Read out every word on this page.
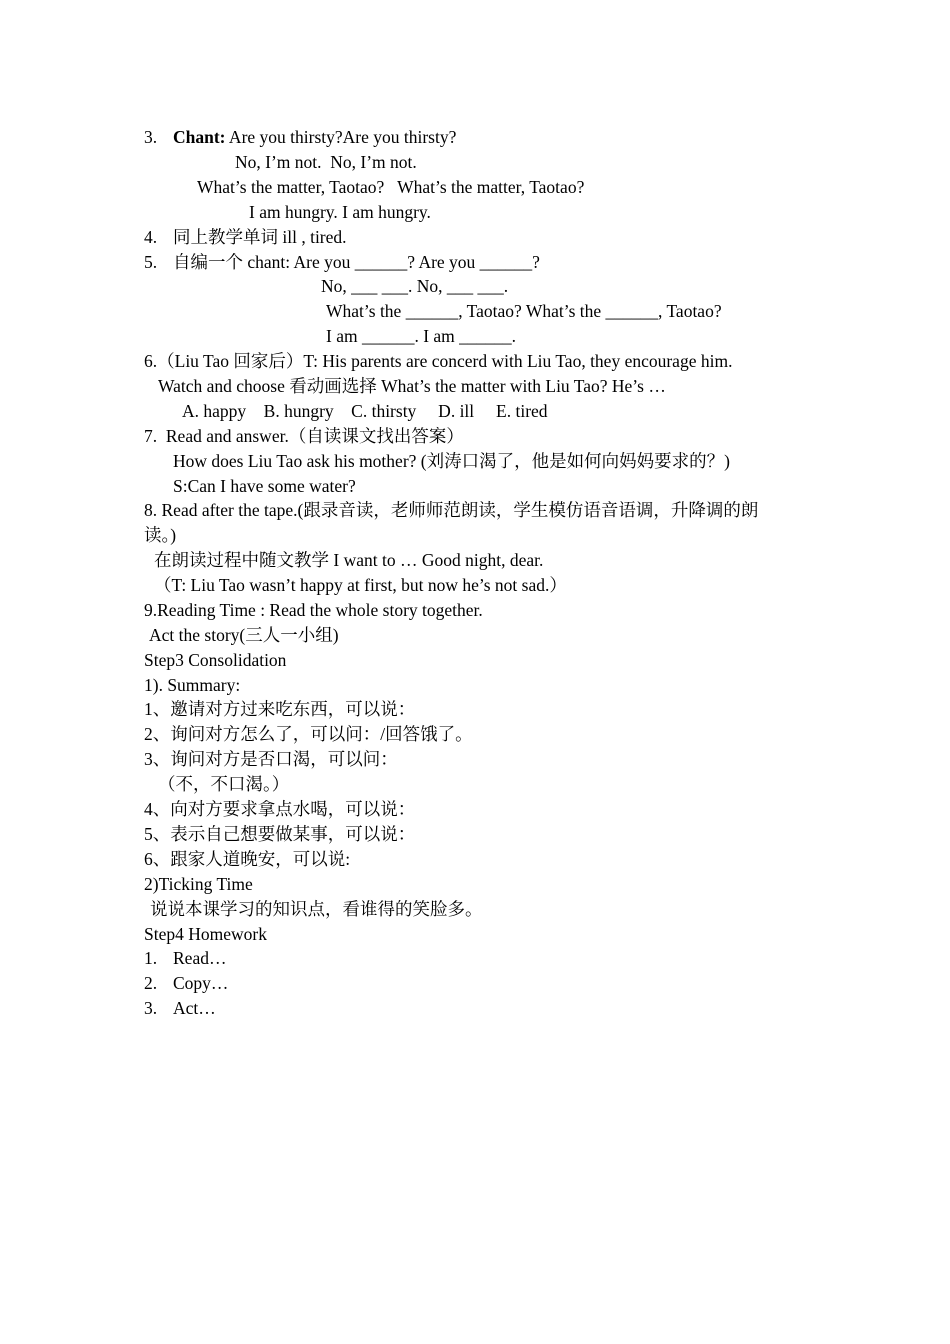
3. Chant: Are you thirsty?Are you thirsty?
No, I’m not.  No, I’m not.
What’s the matter, Taotao?   What’s the matter, Taotao?
I am hungry. I am hungry.
4. 同上教学单词 ill , tired.
5. 自编一个 chant: Are you ______? Are you ______?
No, ___ ___. No, ___ ___.
What’s the ______, Taotao? What’s the ______, Taotao?
I am ______. I am ______.
6.（Liu Tao 回家后）T: His parents are concerd with Liu Tao, they encourage him.
Watch and choose 看动画选择 What’s the matter with Liu Tao? He’s …
A. happy    B. hungry    C. thirsty     D. ill     E. tired
7.  Read and answer.（自读课文找出答案）
How does Liu Tao ask his mother? (刘涛口渴了，他是如何向妈妈要求的？)
S:Can I have some water?
8. Read after the tape.(跟录音读，老师师范朗读，学生模仿语音语调，升降调的朗
读。)
在朗读过程中随文教学 I want to … Good night, dear.
（T: Liu Tao wasn’t happy at first, but now he’s not sad.）
9.Reading Time : Read the whole story together.
Act the story(三人一小组)
Step3 Consolidation
1). Summary:
1、邀请对方过来吃东西，可以说：
2、询问对方怎么了，可以问：/回答饿了。
3、询问对方是否口渴，可以问：
（不，不口渴。）
4、向对方要求拿点水喝，可以说：
5、表示自己想要做某事，可以说：
6、跟家人道晚安，可以说:
2)Ticking Time
说说本课学习的知识点，看谁得的笑脸多。
Step4 Homework
1. Read…
2. Copy…
3. Act…
